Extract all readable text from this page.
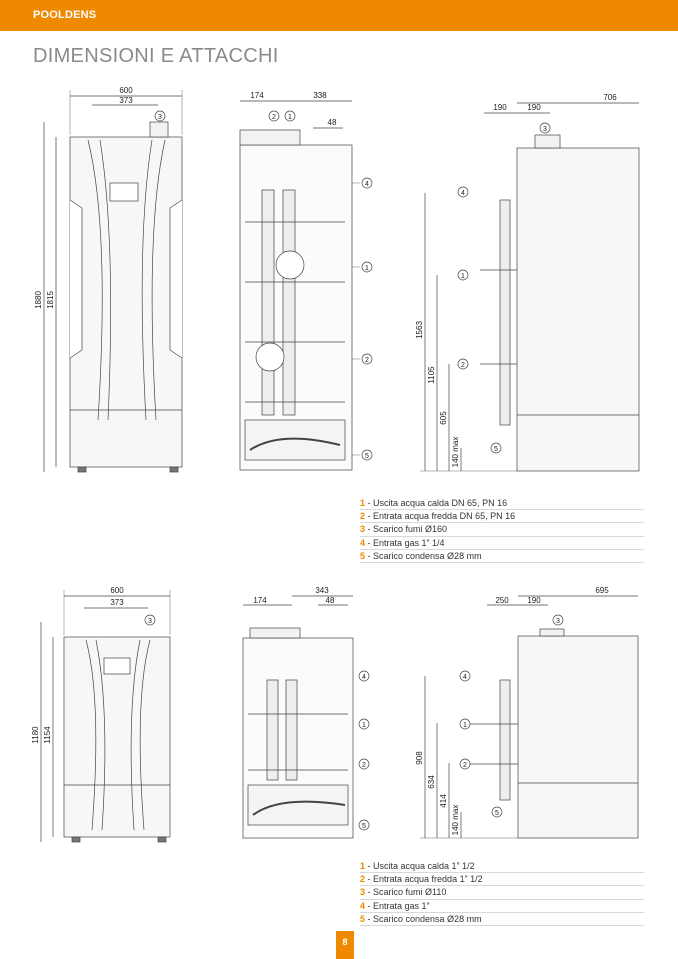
POOLDENS
DIMENSIONI E ATTACCHI
600
373
3
1880 1815
174	338
48
2 1
4
1
2
5
190	190
706
3
4
1
2
5
1563
1105
605
140 max
600
373
3
1180 1154
174
343
48
4
1
2
5
250 190
695
3
4
1
2
5
908
634
414
140 max
1 - Uscita acqua calda DN 65, PN 16
2 - Entrata acqua fredda DN 65, PN 16
3 - Scarico fumi Ø160
4 - Entrata gas 1” 1/4
5 - Scarico condensa Ø28 mm
1 - Uscita acqua calda 1” 1/2
2 - Entrata acqua fredda 1” 1/2
3 - Scarico fumi Ø110
4 - Entrata gas 1”
5 - Scarico condensa Ø28 mm
8
